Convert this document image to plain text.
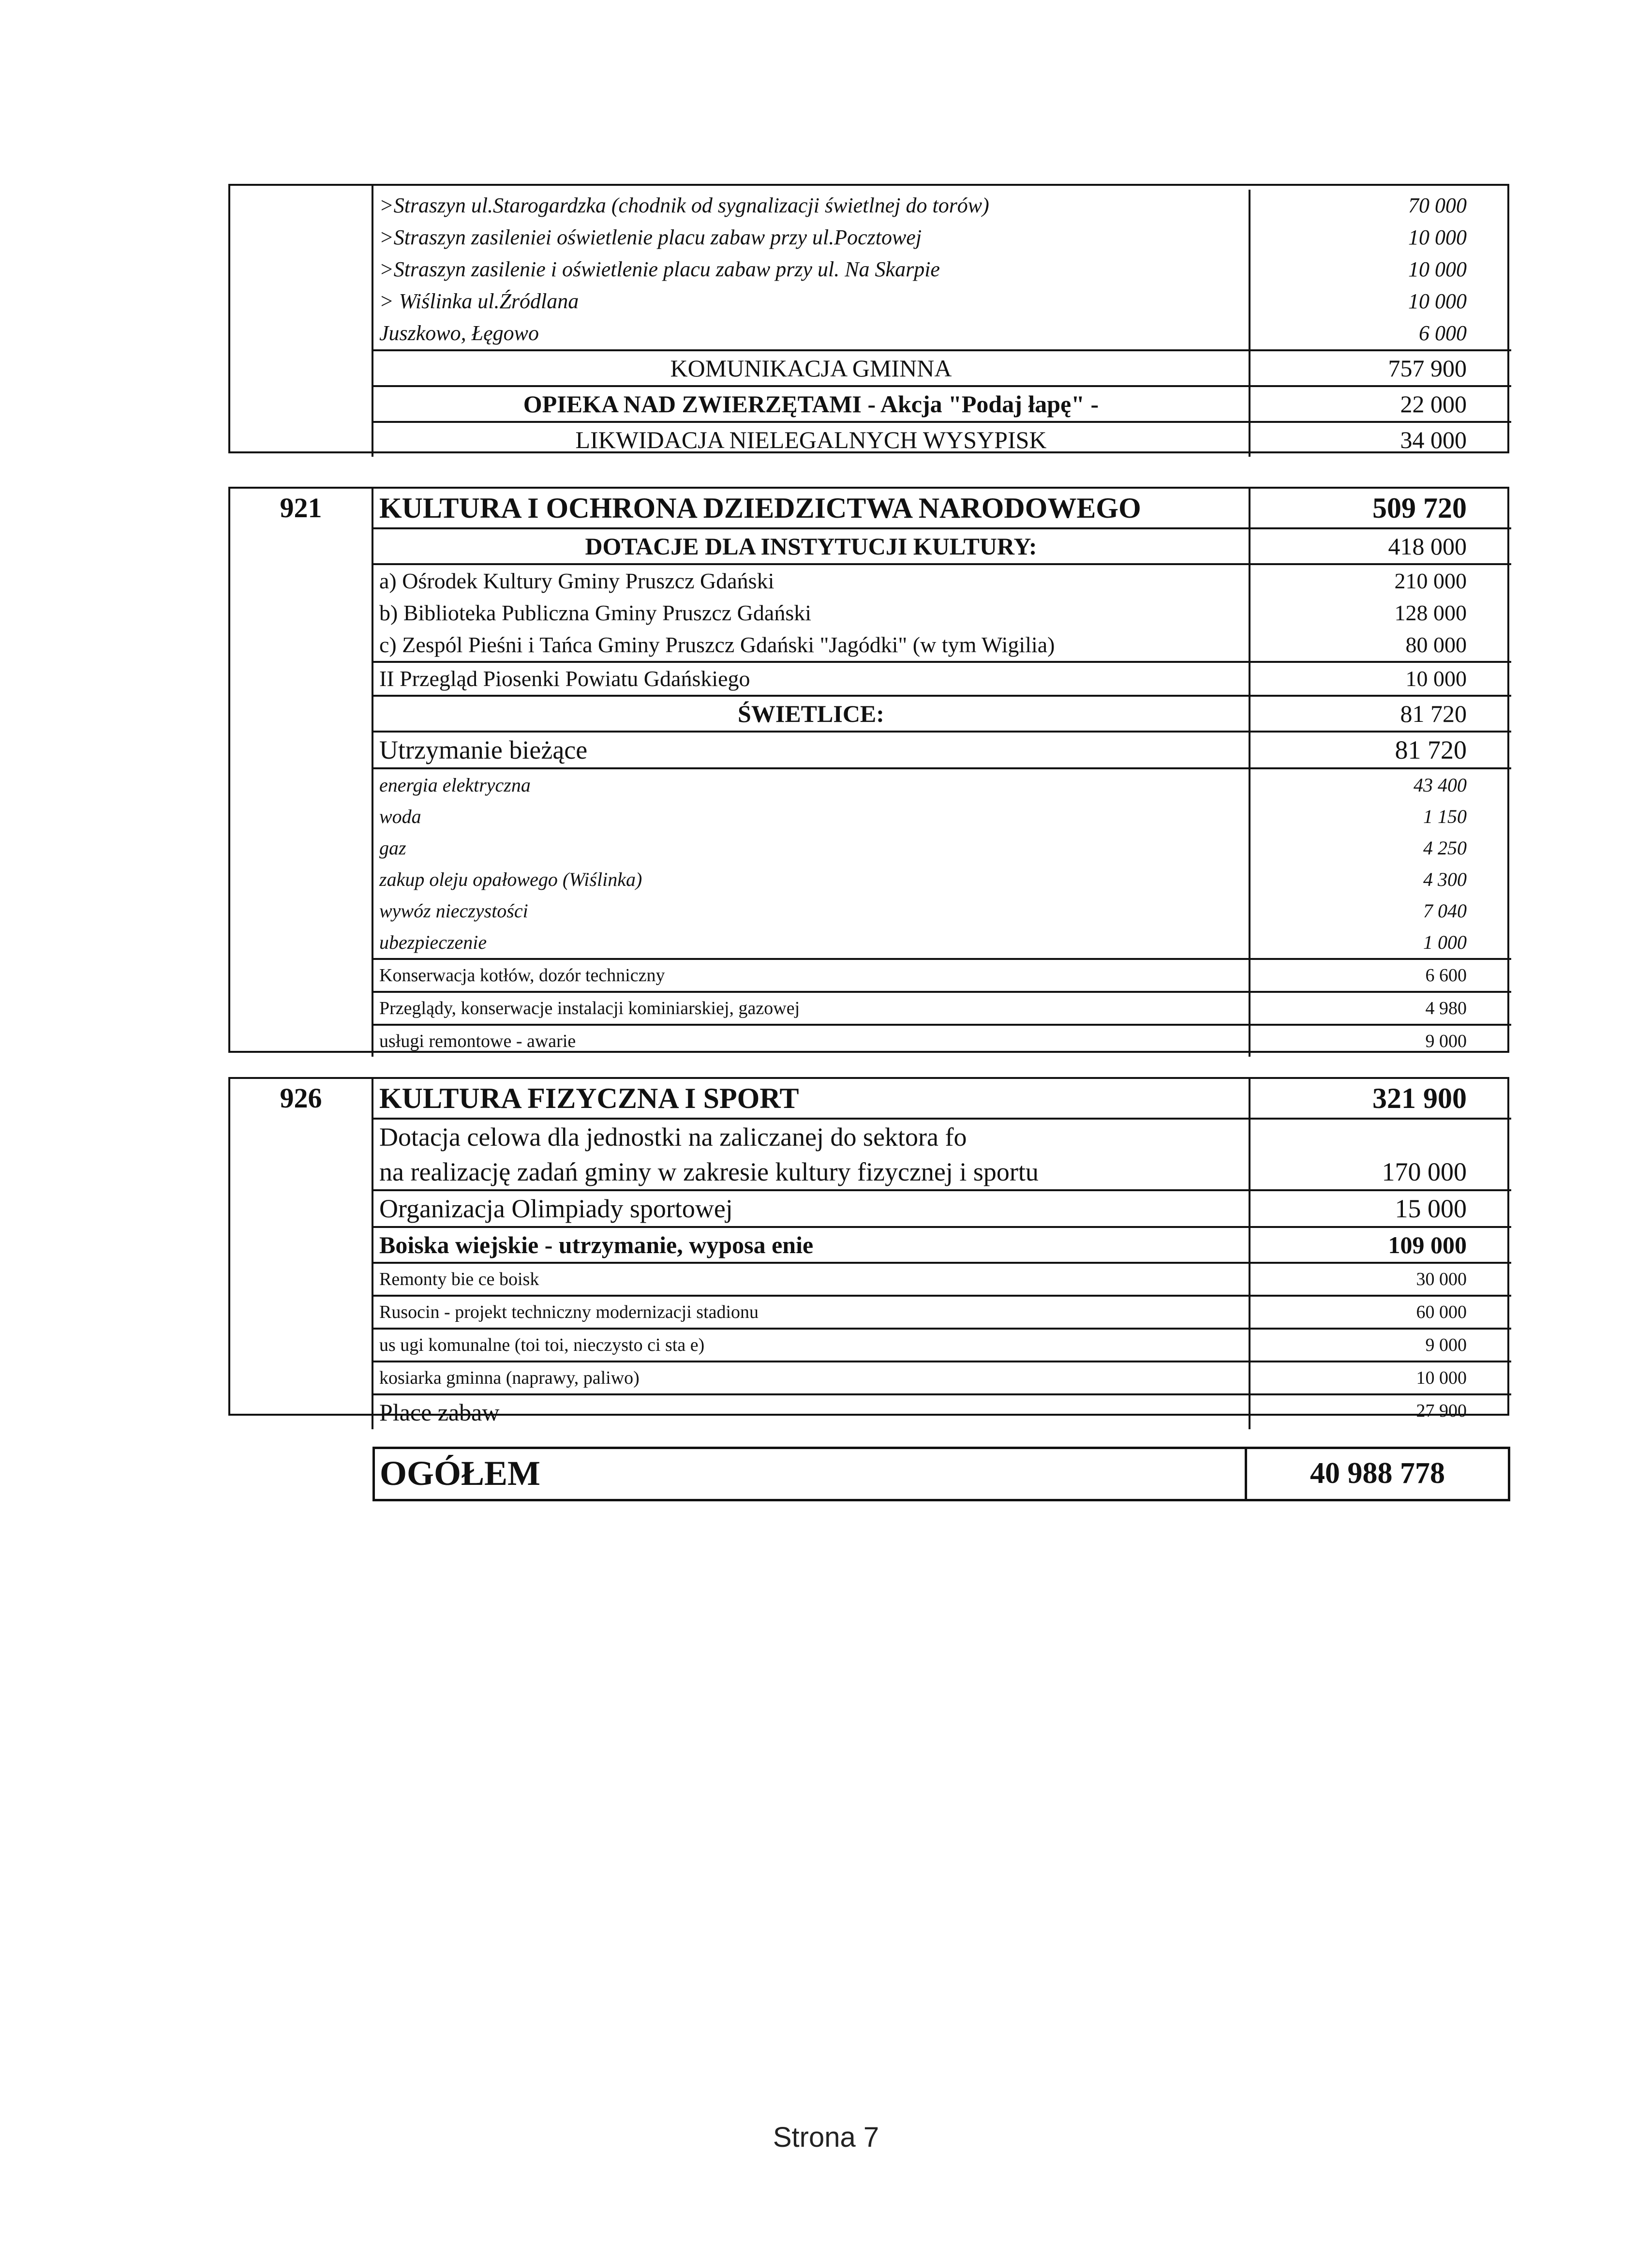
>Straszyn ul.Starogardzka (chodnik od sygnalizacji świetlnej do torów)	70 000
>Straszyn zasileniei oświetlenie placu zabaw przy ul.Pocztowej	10 000
>Straszyn zasilenie i oświetlenie placu zabaw przy ul. Na Skarpie	10 000
> Wiślinka ul.Źródlana	10 000
Juszkowo, Łęgowo	6 000
KOMUNIKACJA GMINNA	757 900
OPIEKA NAD ZWIERZĘTAMI - Akcja "Podaj łapę" -	22 000
LIKWIDACJA NIELEGALNYCH WYSYPISK	34 000
921 KULTURA I OCHRONA DZIEDZICTWA NARODOWEGO	509 720
DOTACJE DLA INSTYTUCJI KULTURY:	418 000
a) Ośrodek Kultury Gminy Pruszcz Gdański	210 000
b) Biblioteka Publiczna Gminy Pruszcz Gdański	128 000
c) Zespól Pieśni i Tańca Gminy Pruszcz Gdański "Jagódki" (w tym Wigilia)	80 000
II Przegląd Piosenki Powiatu Gdańskiego	10 000
ŚWIETLICE:	81 720
Utrzymanie bieżące	81 720
energia elektryczna	43 400
woda	1 150
gaz	4 250
zakup oleju opałowego (Wiślinka)	4 300
wywóz nieczystości	7 040
ubezpieczenie	1 000
Konserwacja kotłów, dozór techniczny	6 600
Przeglądy, konserwacje instalacji kominiarskiej, gazowej	4 980
usługi remontowe - awarie	9 000
926 KULTURA FIZYCZNA I SPORT	321 900
Dotacja celowa dla jednostki na zaliczanej do sektora fo
na realizację zadań gminy w zakresie kultury fizycznej i sportu	170 000
Organizacja Olimpiady sportowej	15 000
Boiska wiejskie - utrzymanie, wyposa enie	109 000
Remonty bie ce boisk	30 000
Rusocin - projekt techniczny modernizacji stadionu	60 000
us ugi komunalne (toi toi, nieczysto ci sta e)	9 000
kosiarka gminna (naprawy, paliwo)	10 000
Place zabaw	27 900
OGÓŁEM	40 988 778
Strona 7
